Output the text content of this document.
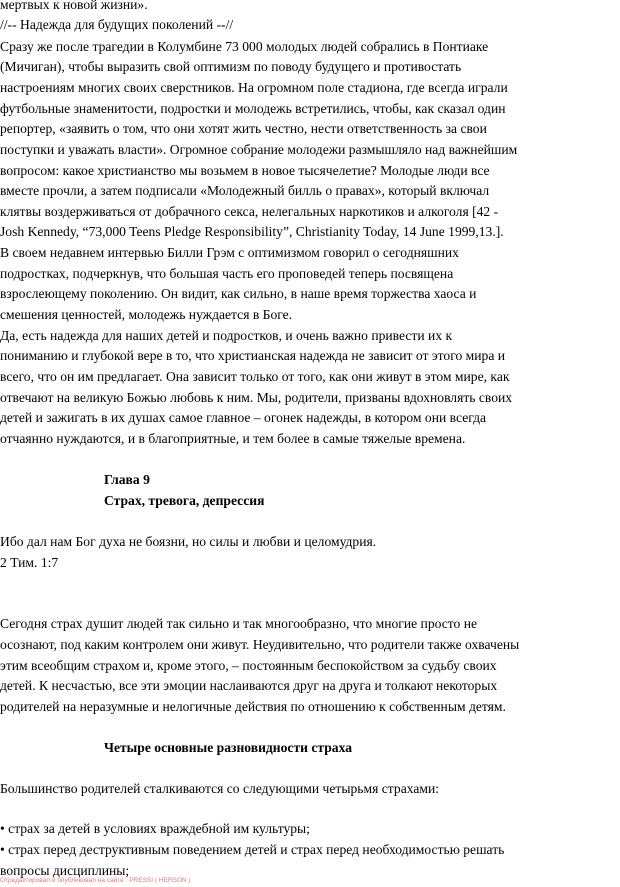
мертвых к новой жизни».
//-- Надежда для будущих поколений --//
Сразу же после трагедии в Колумбине 73 000 молодых людей собрались в Понтиаке
(Мичиган), чтобы выразить свой оптимизм по поводу будущего и противостать
настроениям многих своих сверстников. На огромном поле стадиона, где всегда играли
футбольные знаменитости, подростки и молодежь встретились, чтобы, как сказал один
репортер, «заявить о том, что они хотят жить честно, нести ответственность за свои
поступки и уважать власти». Огромное собрание молодежи размышляло над важнейшим
вопросом: какое христианство мы возьмем в новое тысячелетие? Молодые люди все
вместе прочли, а затем подписали «Молодежный билль о правах», который включал
клятвы воздерживаться от добрачного секса, нелегальных наркотиков и алкоголя [42 -
Josh Kennedy, “73,000 Teens Pledge Responsibility”, Christianity Today, 14 June 1999,13.].
В своем недавнем интервью Билли Грэм с оптимизмом говорил о сегодняшних
подростках, подчеркнув, что большая часть его проповедей теперь посвящена
взрослеющему поколению. Он видит, как сильно, в наше время торжества хаоса и
смешения ценностей, молодежь нуждается в Боге.
Да, есть надежда для наших детей и подростков, и очень важно привести их к
пониманию и глубокой вере в то, что христианская надежда не зависит от этого мира и
всего, что он им предлагает. Она зависит только от того, как они живут в этом мире, как
отвечают на великую Божью любовь к ним. Мы, родители, призваны вдохновлять своих
детей и зажигать в их душах самое главное – огонек надежды, в котором они всегда
отчаянно нуждаются, и в благоприятные, и тем более в самые тяжелые времена.
Глава 9
Страх, тревога, депрессия
Ибо дал нам Бог духа не боязни, но силы и любви и целомудрия.
2 Тим. 1:7
Сегодня страх душит людей так сильно и так многообразно, что многие просто не
осознают, под каким контролем они живут. Неудивительно, что родители также охвачены
этим всеобщим страхом и, кроме этого, – постоянным беспокойством за судьбу своих
детей. К несчастью, все эти эмоции наслаиваются друг на друга и толкают некоторых
родителей на неразумные и нелогичные действия по отношению к собственным детям.
Четыре основные разновидности страха
Большинство родителей сталкиваются со следующими четырьмя страхами:
• страх за детей в условиях враждебной им культуры;
• страх перед деструктивным поведением детей и страх перед необходимостью решать
вопросы дисциплины;
Отредактировал и опубликовал на сайте : PRESSI ( HERSON )
